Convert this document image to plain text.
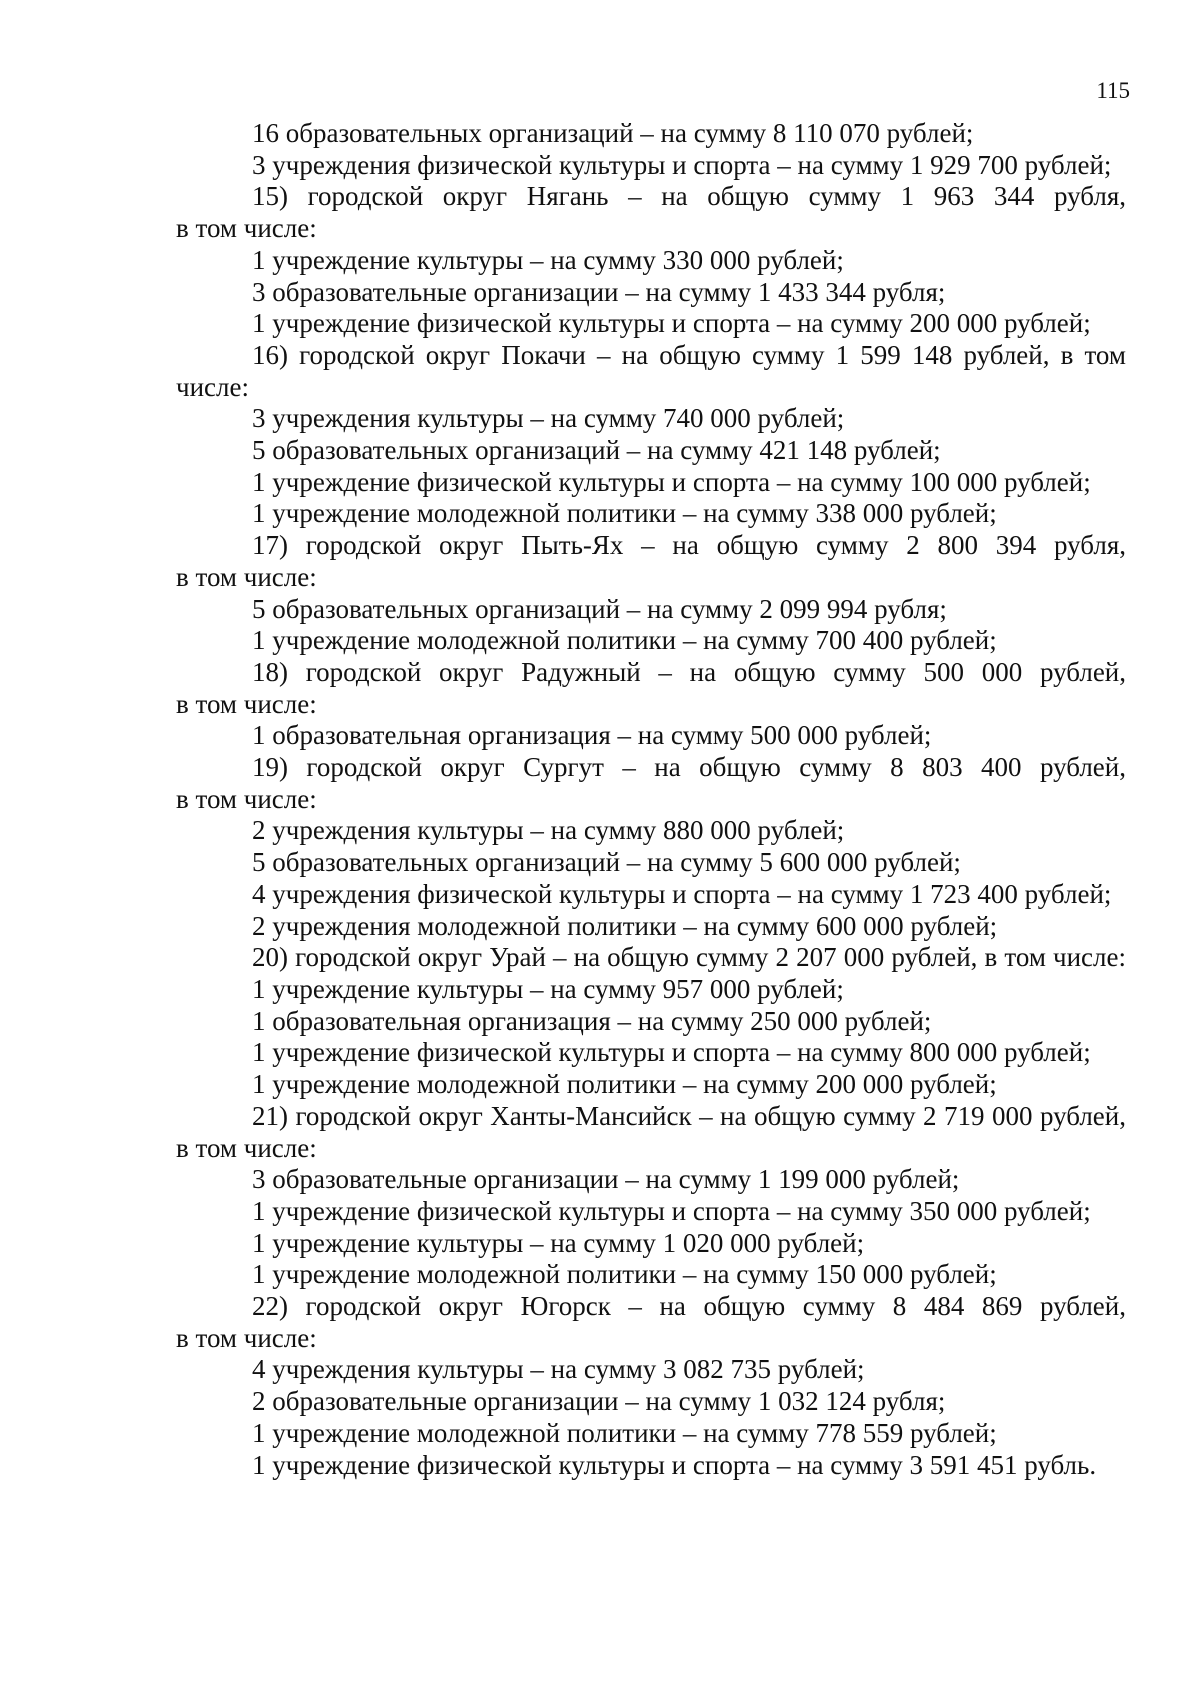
115
16 образовательных организаций – на сумму 8 110 070 рублей;
3 учреждения физической культуры и спорта – на сумму 1 929 700 рублей;
15) городской округ Нягань – на общую сумму 1 963 344 рубля,
в том числе:
1 учреждение культуры – на сумму 330 000 рублей;
3 образовательные организации – на сумму 1 433 344 рубля;
1 учреждение физической культуры и спорта – на сумму 200 000 рублей;
16) городской округ Покачи – на общую сумму 1 599 148 рублей, в том
числе:
3 учреждения культуры – на сумму 740 000 рублей;
5 образовательных организаций – на сумму 421 148 рублей;
1 учреждение физической культуры и спорта – на сумму 100 000 рублей;
1 учреждение молодежной политики – на сумму 338 000 рублей;
17) городской округ Пыть-Ях – на общую сумму 2 800 394 рубля,
в том числе:
5 образовательных организаций – на сумму 2 099 994 рубля;
1 учреждение молодежной политики – на сумму 700 400 рублей;
18) городской округ Радужный – на общую сумму 500 000 рублей,
в том числе:
1 образовательная организация – на сумму 500 000 рублей;
19) городской округ Сургут – на общую сумму 8 803 400 рублей,
в том числе:
2 учреждения культуры – на сумму 880 000 рублей;
5 образовательных организаций – на сумму 5 600 000 рублей;
4 учреждения физической культуры и спорта – на сумму 1 723 400 рублей;
2 учреждения молодежной политики – на сумму 600 000 рублей;
20) городской округ Урай – на общую сумму 2 207 000 рублей, в том числе:
1 учреждение культуры – на сумму 957 000 рублей;
1 образовательная организация – на сумму 250 000 рублей;
1 учреждение физической культуры и спорта – на сумму 800 000 рублей;
1 учреждение молодежной политики – на сумму 200 000 рублей;
21) городской округ Ханты-Мансийск – на общую сумму 2 719 000 рублей,
в том числе:
3 образовательные организации – на сумму 1 199 000 рублей;
1 учреждение физической культуры и спорта – на сумму 350 000 рублей;
1 учреждение культуры – на сумму 1 020 000 рублей;
1 учреждение молодежной политики – на сумму 150 000 рублей;
22) городской округ Югорск – на общую сумму 8 484 869 рублей,
в том числе:
4 учреждения культуры – на сумму 3 082 735 рублей;
2 образовательные организации – на сумму 1 032 124 рубля;
1 учреждение молодежной политики – на сумму 778 559 рублей;
1 учреждение физической культуры и спорта – на сумму 3 591 451 рубль.
